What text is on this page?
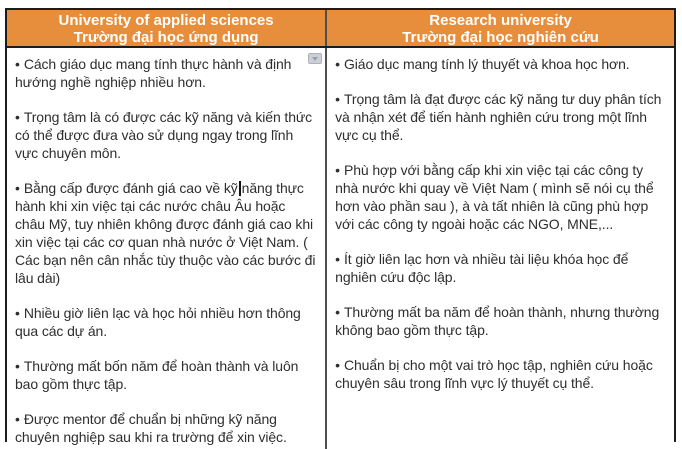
University of applied sciences
Trường đại học ứng dụng
Research university
Trường đại học nghiên cứu

• Cách giáo dục mang tính thực hành và định hướng nghề nghiệp nhiều hơn.

• Trọng tâm là có được các kỹ năng và kiến thức có thể được đưa vào sử dụng ngay trong lĩnh vực chuyên môn.

• Bằng cấp được đánh giá cao về kỹ năng thực hành khi xin việc tại các nước châu Âu hoặc châu Mỹ, tuy nhiên không được đánh giá cao khi xin việc tại các cơ quan nhà nước ở Việt Nam. ( Các bạn nên cân nhắc tùy thuộc vào các bước đi lâu dài)

• Nhiều giờ liên lạc và học hỏi nhiều hơn thông qua các dự án.

• Thường mất bốn năm để hoàn thành và luôn bao gồm thực tập.

• Được mentor để chuẩn bị những kỹ năng chuyên nghiệp sau khi ra trường để xin việc.

• Giáo dục mang tính lý thuyết và khoa học hơn.

• Trọng tâm là đạt được các kỹ năng tư duy phân tích và nhận xét để tiến hành nghiên cứu trong một lĩnh vực cụ thể.

• Phù hợp với bằng cấp khi xin việc tại các công ty nhà nước khi quay về Việt Nam ( mình sẽ nói cụ thể hơn vào phần sau ), à và tất nhiên là cũng phù hợp với các công ty ngoài hoặc các NGO, MNE,...

• Ít giờ liên lạc hơn và nhiều tài liệu khóa học để nghiên cứu độc lập.

• Thường mất ba năm để hoàn thành, nhưng thường không bao gồm thực tập.

• Chuẩn bị cho một vai trò học tập, nghiên cứu hoặc chuyên sâu trong lĩnh vực lý thuyết cụ thể.
